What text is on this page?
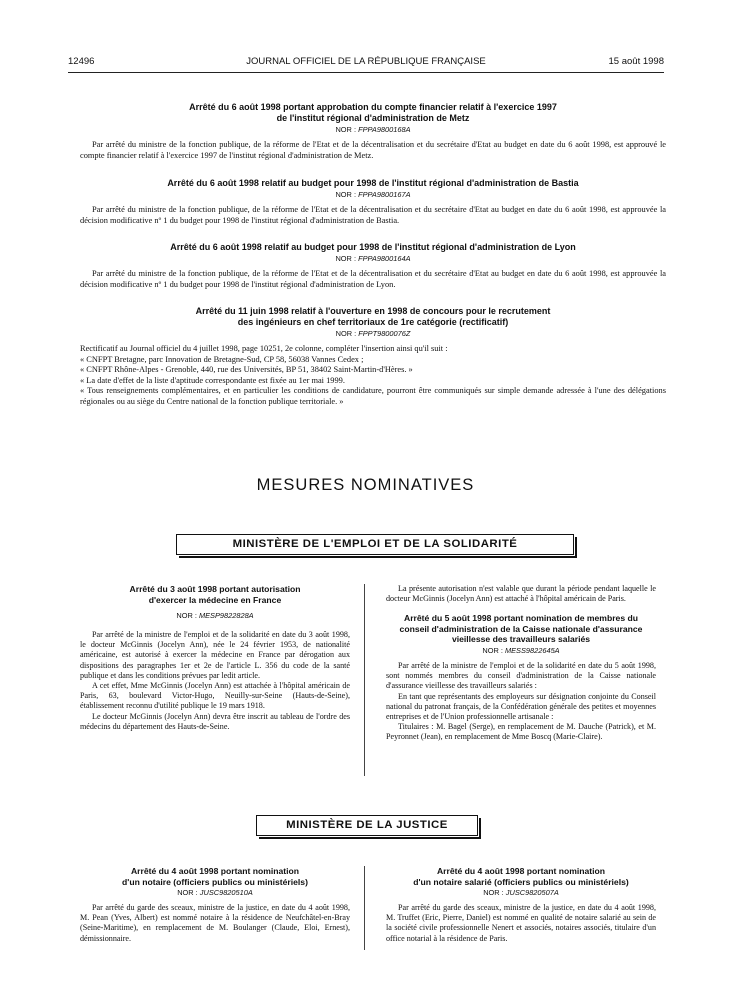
12496	JOURNAL OFFICIEL DE LA RÉPUBLIQUE FRANÇAISE	15 août 1998
Arrêté du 6 août 1998 portant approbation du compte financier relatif à l'exercice 1997
de l'institut régional d'administration de Metz
NOR : FPPA9800168A

Par arrêté du ministre de la fonction publique, de la réforme de l'Etat et de la décentralisation et du secrétaire d'Etat au budget en date du 6 août 1998, est approuvé le compte financier relatif à l'exercice 1997 de l'institut régional d'administration de Metz.

Arrêté du 6 août 1998 relatif au budget pour 1998 de l'institut régional d'administration de Bastia
NOR : FPPA9800167A

Par arrêté du ministre de la fonction publique, de la réforme de l'Etat et de la décentralisation et du secrétaire d'Etat au budget en date du 6 août 1998, est approuvée la décision modificative nº 1 du budget pour 1998 de l'institut régional d'administration de Bastia.

Arrêté du 6 août 1998 relatif au budget pour 1998 de l'institut régional d'administration de Lyon
NOR : FPPA9800164A

Par arrêté du ministre de la fonction publique, de la réforme de l'Etat et de la décentralisation et du secrétaire d'Etat au budget en date du 6 août 1998, est approuvée la décision modificative nº 1 du budget pour 1998 de l'institut régional d'administration de Lyon.

Arrêté du 11 juin 1998 relatif à l'ouverture en 1998 de concours pour le recrutement
des ingénieurs en chef territoriaux de 1re catégorie (rectificatif)
NOR : FPPT9800076Z

Rectificatif au Journal officiel du 4 juillet 1998, page 10251, 2e colonne, compléter l'insertion ainsi qu'il suit :

« CNFPT Bretagne, parc Innovation de Bretagne-Sud, CP 58, 56038 Vannes Cedex ;

« CNFPT Rhône-Alpes - Grenoble, 440, rue des Universités, BP 51, 38402 Saint-Martin-d'Hères. »

« La date d'effet de la liste d'aptitude correspondante est fixée au 1er mai 1999.

« Tous renseignements complémentaires, et en particulier les conditions de candidature, pourront être communiqués sur simple demande adressée à l'une des délégations régionales ou au siège du Centre national de la fonction publique territoriale. »

MESURES NOMINATIVES
MINISTÈRE DE L'EMPLOI ET DE LA SOLIDARITÉ
Arrêté du 3 août 1998 portant autorisation
d'exercer la médecine en France
NOR : MESP9822828A

Par arrêté de la ministre de l'emploi et de la solidarité en date du 3 août 1998, le docteur McGinnis (Jocelyn Ann), née le 24 février 1953, de nationalité américaine, est autorisé à exercer la médecine en France par dérogation aux dispositions des paragraphes 1er et 2e de l'article L. 356 du code de la santé publique et dans les conditions prévues par ledit article.

A cet effet, Mme McGinnis (Jocelyn Ann) est attachée à l'hôpital américain de Paris, 63, boulevard Victor-Hugo, Neuilly-sur-Seine (Hauts-de-Seine), établissement reconnu d'utilité publique le 19 mars 1918.

Le docteur McGinnis (Jocelyn Ann) devra être inscrit au tableau de l'ordre des médecins du département des Hauts-de-Seine.

La présente autorisation n'est valable que durant la période pendant laquelle le docteur McGinnis (Jocelyn Ann) est attaché à l'hôpital américain de Paris.

Arrêté du 5 août 1998 portant nomination de membres du
conseil d'administration de la Caisse nationale d'assurance vieillesse des travailleurs salariés
NOR : MESS9822645A

Par arrêté de la ministre de l'emploi et de la solidarité en date du 5 août 1998, sont nommés membres du conseil d'administration de la Caisse nationale d'assurance vieillesse des travailleurs salariés :

En tant que représentants des employeurs sur désignation conjointe du Conseil national du patronat français, de la Confédération générale des petites et moyennes entreprises et de l'Union professionnelle artisanale :

Titulaires : M. Bagel (Serge), en remplacement de M. Dauche (Patrick), et M. Peyronnet (Jean), en remplacement de Mme Boscq (Marie-Claire).

MINISTÈRE DE LA JUSTICE
Arrêté du 4 août 1998 portant nomination
d'un notaire (officiers publics ou ministériels)
NOR : JUSC9820510A

Par arrêté du garde des sceaux, ministre de la justice, en date du 4 août 1998, M. Pean (Yves, Albert) est nommé notaire à la résidence de Neufchâtel-en-Bray (Seine-Maritime), en remplacement de M. Boulanger (Claude, Eloi, Ernest), démissionnaire.

Arrêté du 4 août 1998 portant nomination
d'un notaire salarié (officiers publics ou ministériels)
NOR : JUSC9820507A

Par arrêté du garde des sceaux, ministre de la justice, en date du 4 août 1998, M. Truffet (Eric, Pierre, Daniel) est nommé en qualité de notaire salarié au sein de la société civile professionnelle Nenert et associés, notaires associés, titulaire d'un office notarial à la résidence de Paris.
